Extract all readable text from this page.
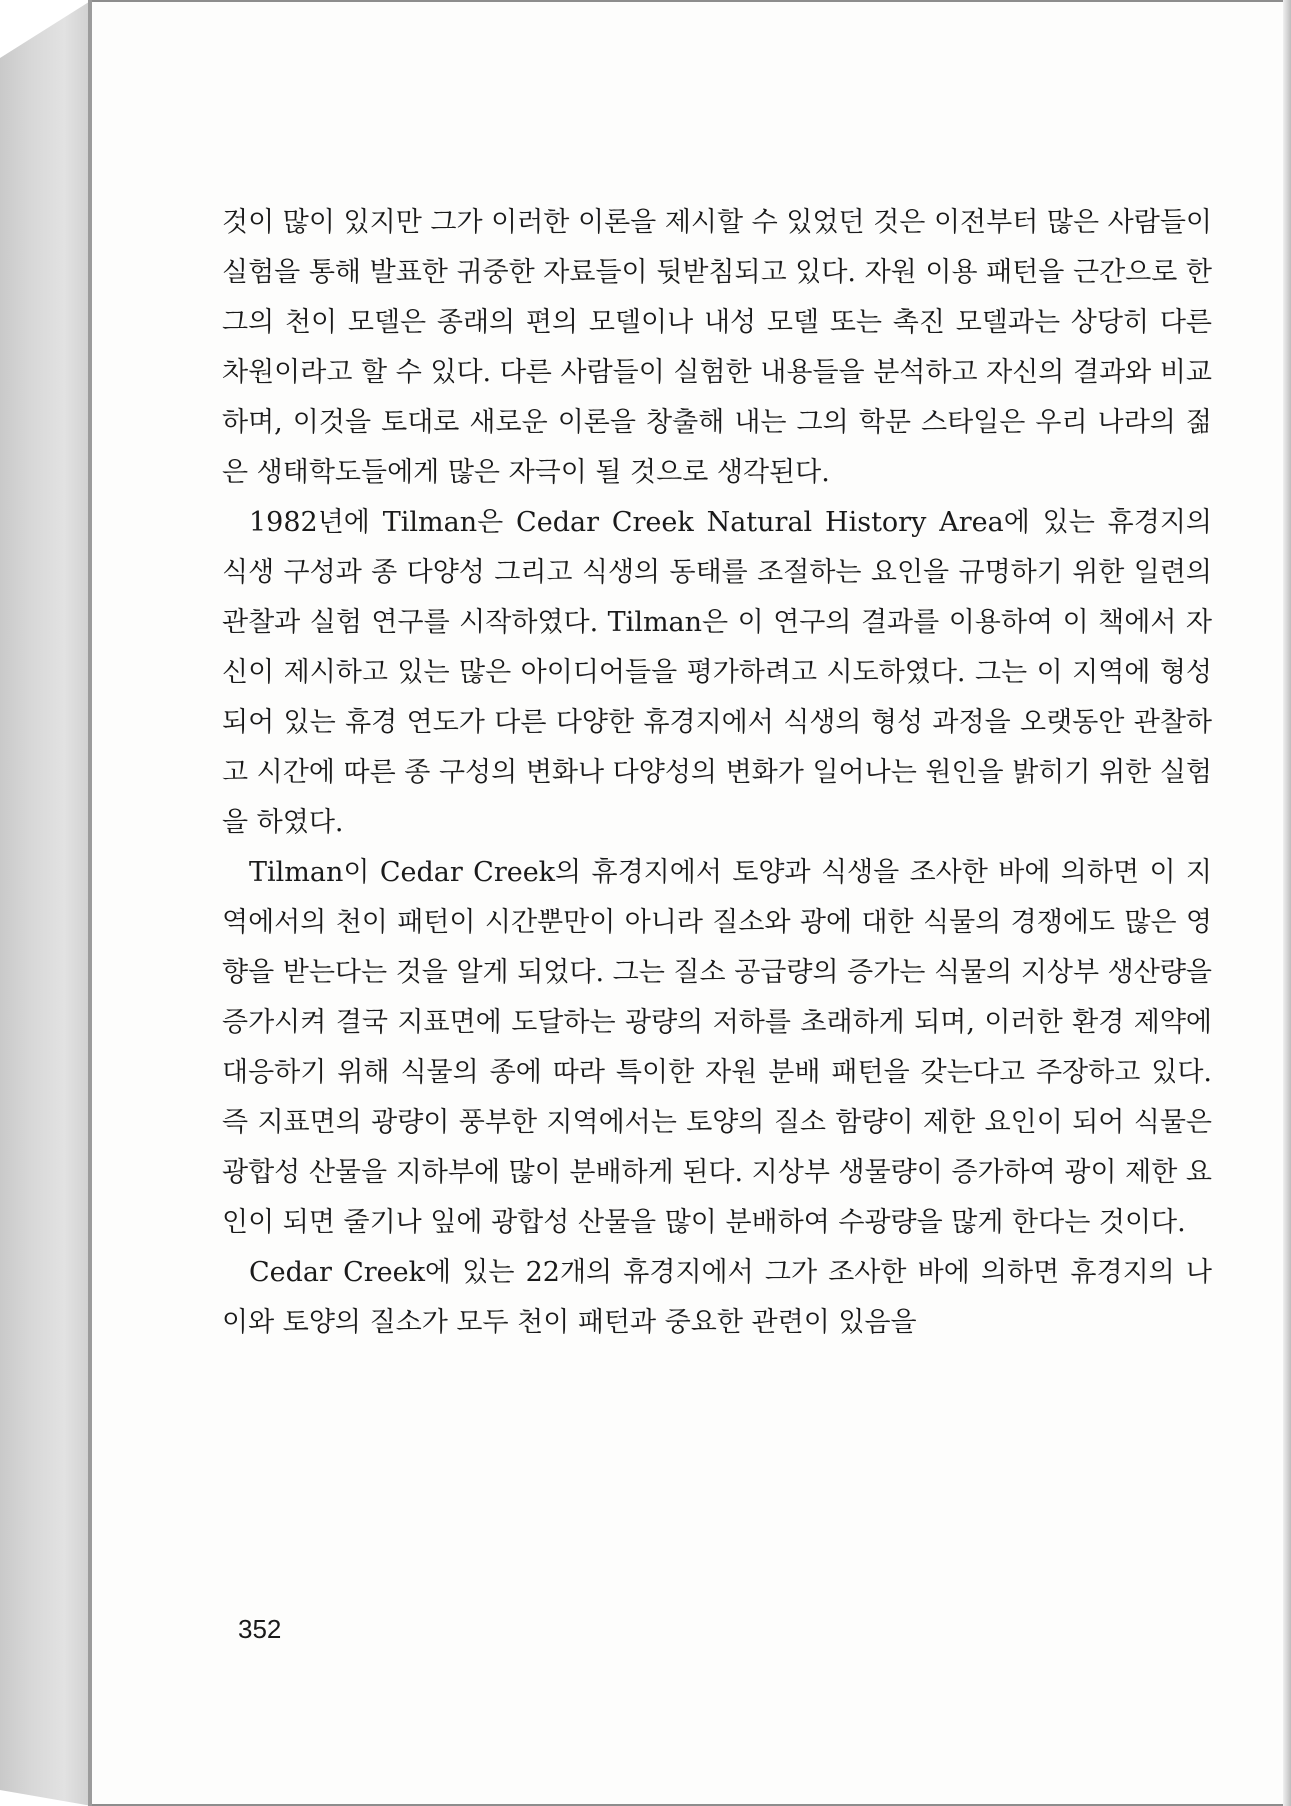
것이 많이 있지만 그가 이러한 이론을 제시할 수 있었던 것은 이전부터 많은 사람들이 실험을 통해 발표한 귀중한 자료들이 뒷받침되고 있다. 자원 이용 패턴을 근간으로 한 그의 천이 모델은 종래의 편의 모델이나 내성 모델 또는 촉진 모델과는 상당히 다른 차원이라고 할 수 있다. 다른 사람들이 실험한 내용들을 분석하고 자신의 결과와 비교하며, 이것을 토대로 새로운 이론을 창출해 내는 그의 학문 스타일은 우리 나라의 젊은 생태학도들에게 많은 자극이 될 것으로 생각된다.

1982년에 Tilman은 Cedar Creek Natural History Area에 있는 휴경지의 식생 구성과 종 다양성 그리고 식생의 동태를 조절하는 요인을 규명하기 위한 일련의 관찰과 실험 연구를 시작하였다. Tilman은 이 연구의 결과를 이용하여 이 책에서 자신이 제시하고 있는 많은 아이디어들을 평가하려고 시도하였다. 그는 이 지역에 형성되어 있는 휴경 연도가 다른 다양한 휴경지에서 식생의 형성 과정을 오랫동안 관찰하고 시간에 따른 종 구성의 변화나 다양성의 변화가 일어나는 원인을 밝히기 위한 실험을 하였다.

Tilman이 Cedar Creek의 휴경지에서 토양과 식생을 조사한 바에 의하면 이 지역에서의 천이 패턴이 시간뿐만이 아니라 질소와 광에 대한 식물의 경쟁에도 많은 영향을 받는다는 것을 알게 되었다. 그는 질소 공급량의 증가는 식물의 지상부 생산량을 증가시켜 결국 지표면에 도달하는 광량의 저하를 초래하게 되며, 이러한 환경 제약에 대응하기 위해 식물의 종에 따라 특이한 자원 분배 패턴을 갖는다고 주장하고 있다. 즉 지표면의 광량이 풍부한 지역에서는 토양의 질소 함량이 제한 요인이 되어 식물은 광합성 산물을 지하부에 많이 분배하게 된다. 지상부 생물량이 증가하여 광이 제한 요인이 되면 줄기나 잎에 광합성 산물을 많이 분배하여 수광량을 많게 한다는 것이다.

Cedar Creek에 있는 22개의 휴경지에서 그가 조사한 바에 의하면 휴경지의 나이와 토양의 질소가 모두 천이 패턴과 중요한 관련이 있음을

352
